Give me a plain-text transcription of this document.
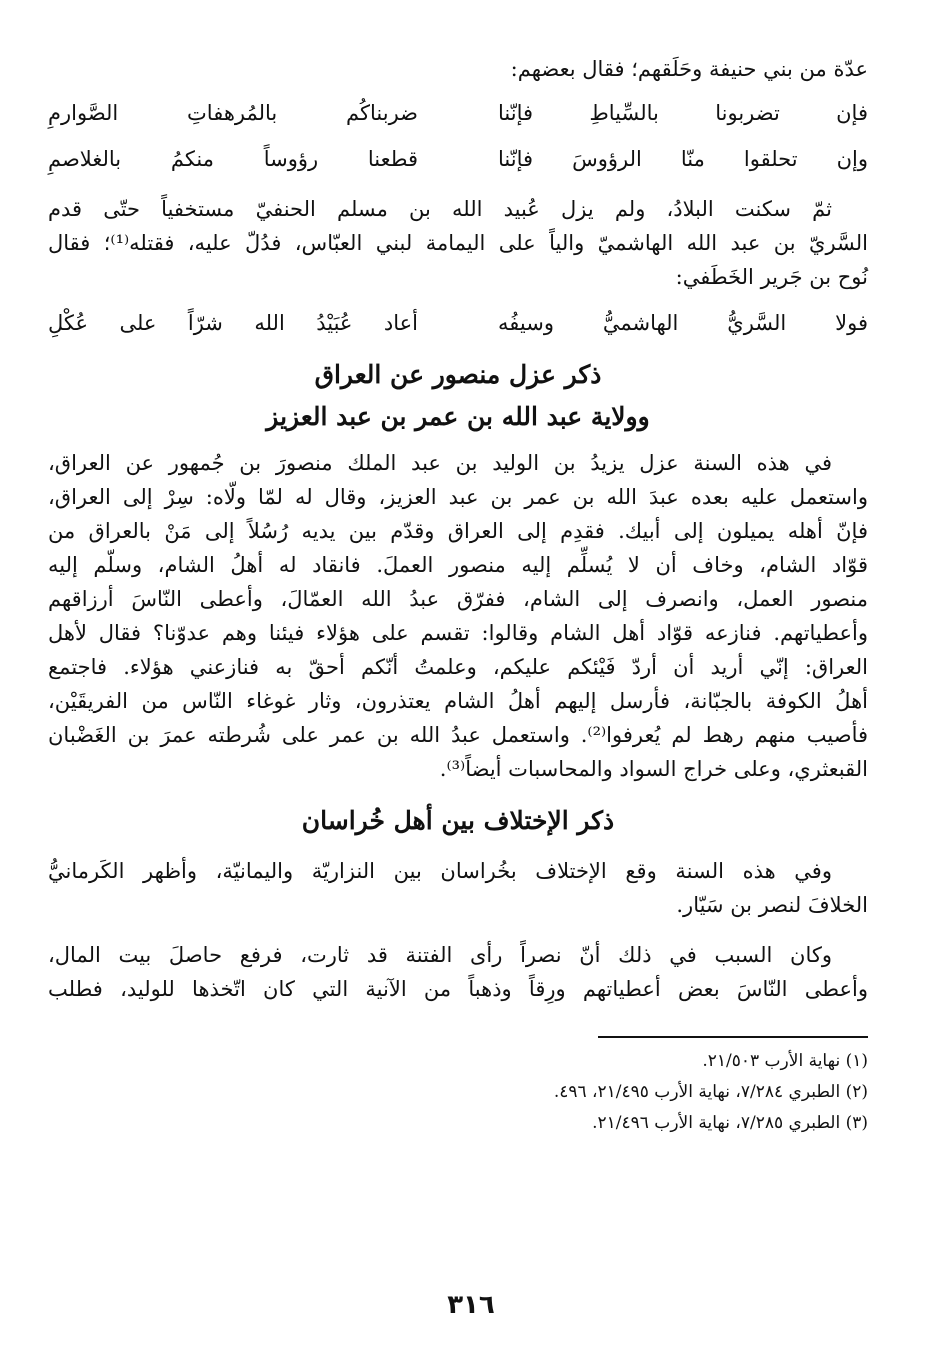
عدّة من بني حنيفة وحَلَقهم؛ فقال بعضهم:
فإن تضربونا بالسِّياطِ فإنّنا
ضربناكُم بالمُرهفاتِ الصَّوارمِ
وإن تحلقوا منّا الرؤوسَ فإنّنا
قطعنا رؤوساً منكمُ بالغلاصمِ
ثمّ سكنت البلادُ، ولم يزل عُبيد الله بن مسلم الحنفيّ مستخفياً حتّى قدم
السَّريّ بن عبد الله الهاشميّ والياً على اليمامة لبني العبّاس، فدُلّ عليه، فقتله⁽¹⁾؛ فقال
نُوح بن جَرير الخَطَفي:
فولا السَّريُّ الهاشميُّ وسيفُه
أعاد عُبَيْدُ الله شرّاً على عُكْلِ
ذكر عزل منصور عن العراق
وولاية عبد الله بن عمر بن عبد العزيز
في هذه السنة عزل يزيدُ بن الوليد بن عبد الملك منصورَ بن جُمهور عن العراق،
واستعمل عليه بعده عبدَ الله بن عمر بن عبد العزيز، وقال له لمّا ولّاه: سِرْ إلى العراق،
فإنّ أهله يميلون إلى أبيك. فقدِم إلى العراق وقدّم بين يديه رُسُلاً إلى مَنْ بالعراق من
قوّاد الشام، وخاف أن لا يُسلِّم إليه منصور العملَ. فانقاد له أهلُ الشام، وسلّم إليه
منصور العمل، وانصرف إلى الشام، ففرّق عبدُ الله العمّالَ، وأعطى النّاسَ أرزاقهم
وأعطياتهم. فنازعه قوّاد أهل الشام وقالوا: تقسم على هؤلاء فيئنا وهم عدوّنا؟ فقال لأهل
العراق: إنّي أريد أن أردّ فَيْئكم عليكم، وعلمتُ أنّكم أحقّ به فنازعني هؤلاء. فاجتمع
أهلُ الكوفة بالجبّانة، فأرسل إليهم أهلُ الشام يعتذرون، وثار غوغاء النّاس من الفريقَيْن،
فأصيب منهم رهط لم يُعرفوا⁽²⁾. واستعمل عبدُ الله بن عمر على شُرطته عمرَ بن الغَضْبان
القبعثري، وعلى خراج السواد والمحاسبات أيضاً⁽³⁾.
ذكر الإختلاف بين أهل خُراسان
وفي هذه السنة وقع الإختلاف بخُراسان بين النزاريّة واليمانيّة، وأظهر الكَرمانيُّ
الخلافَ لنصر بن سَيّار.
وكان السبب في ذلك أنّ نصراً رأى الفتنة قد ثارت، فرفع حاصلَ بيت المال،
وأعطى النّاسَ بعض أعطياتهم ورِقاً وذهباً من الآنية التي كان اتّخذها للوليد، فطلب
(١) نهاية الأرب ٢١/٥٠٣.
(٢) الطبري ٧/٢٨٤، نهاية الأرب ٢١/٤٩٥، ٤٩٦.
(٣) الطبري ٧/٢٨٥، نهاية الأرب ٢١/٤٩٦.
٣١٦
